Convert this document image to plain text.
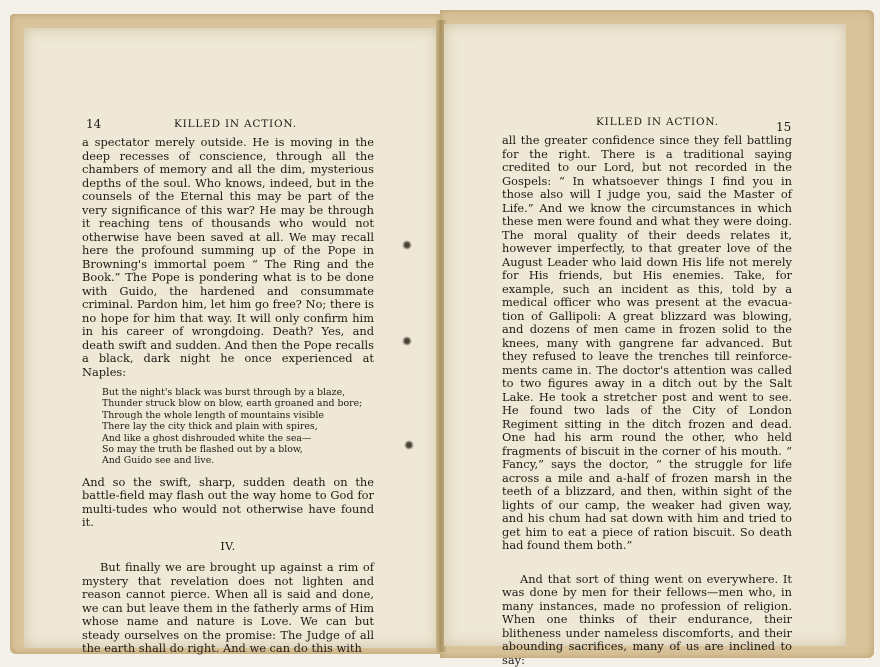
14	KILLED IN ACTION.

a spectator merely outside. He is moving in the deep recesses of conscience, through all the chambers of memory and all the dim, mysterious depths of the soul. Who knows, indeed, but in the counsels of the Eternal this may be part of the very significance of this war? He may be through it reaching tens of thousands who would not otherwise have been saved at all. We may recall here the profound summing up of the Pope in Browning's immortal poem “ The Ring and the Book.” The Pope is pondering what is to be done with Guido, the hardened and consummate criminal. Pardon him, let him go free? No; there is no hope for him that way. It will only confirm him in his career of wrongdoing. Death? Yes, and death swift and sudden. And then the Pope recalls a black, dark night he once experienced at Naples:

But the night's black was burst through by a blaze,
Thunder struck blow on blow, earth groaned and bore;
Through the whole length of mountains visible
There lay the city thick and plain with spires,
And like a ghost dishrouded white the sea—
So may the truth be flashed out by a blow,
And Guido see and live.

And so the swift, sharp, sudden death on the battle-field may flash out the way home to God for multi-tudes who would not otherwise have found it.

IV.

But finally we are brought up against a rim of mystery that revelation does not lighten and reason cannot pierce. When all is said and done, we can but leave them in the fatherly arms of Him whose name and nature is Love. We can but steady ourselves on the promise: The Judge of all the earth shall do right. And we can do this with

KILLED IN ACTION.	15

all the greater confidence since they fell battling for the right. There is a traditional saying credited to our Lord, but not recorded in the Gospels: “ In whatsoever things I find you in those also will I judge you, said the Master of Life.” And we know the circumstances in which these men were found and what they were doing. The moral quality of their deeds relates it, however imperfectly, to that greater love of the August Leader who laid down His life not merely for His friends, but His enemies. Take, for example, such an incident as this, told by a medical officer who was present at the evacua-tion of Gallipoli: A great blizzard was blowing, and dozens of men came in frozen solid to the knees, many with gangrene far advanced. But they refused to leave the trenches till reinforce-ments came in. The doctor's attention was called to two figures away in a ditch out by the Salt Lake. He took a stretcher post and went to see. He found two lads of the City of London Regiment sitting in the ditch frozen and dead. One had his arm round the other, who held fragments of biscuit in the corner of his mouth. “ Fancy,” says the doctor, “ the struggle for life across a mile and a-half of frozen marsh in the teeth of a blizzard, and then, within sight of the lights of our camp, the weaker had given way, and his chum had sat down with him and tried to get him to eat a piece of ration biscuit. So death had found them both.”

And that sort of thing went on everywhere. It was done by men for their fellows—men who, in many instances, made no profession of religion. When one thinks of their endurance, their blitheness under nameless discomforts, and their abounding sacrifices, many of us are inclined to say:
